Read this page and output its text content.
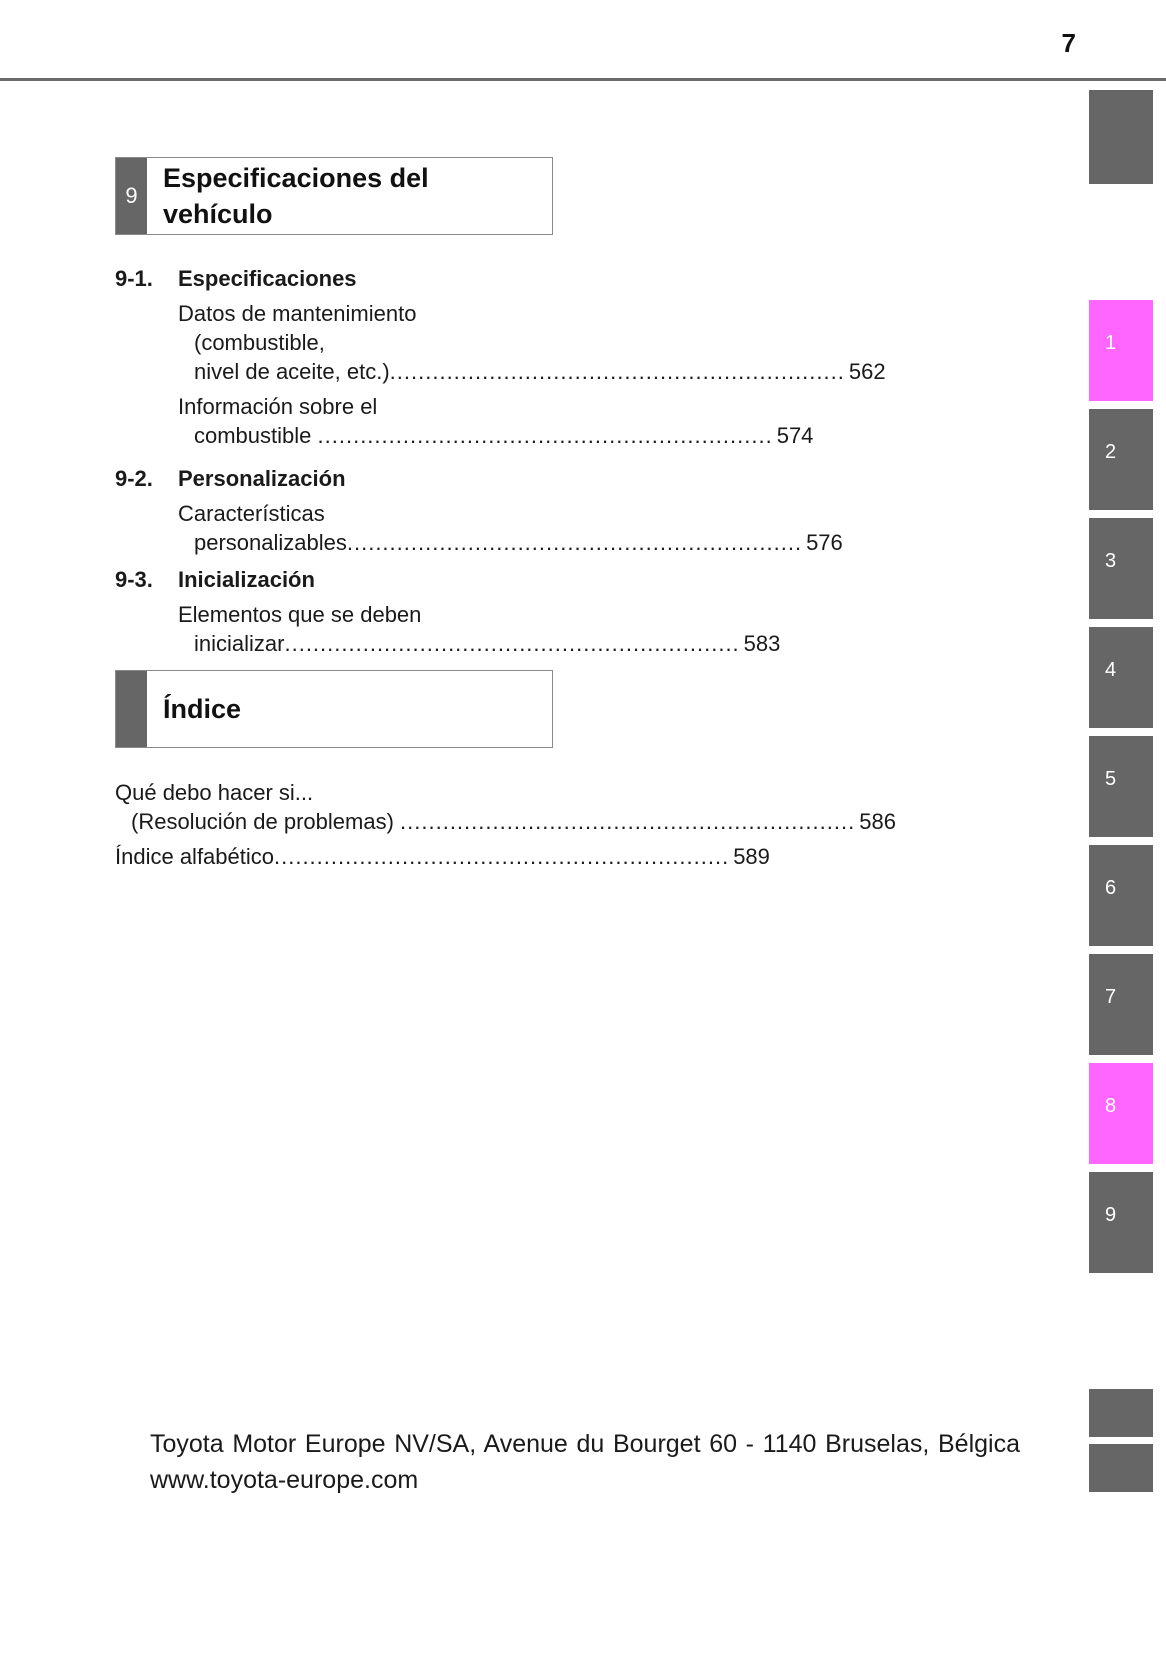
7
9
Especificaciones del
vehículo
9-1.	Especificaciones
Datos de mantenimiento
(combustible,
nivel de aceite, etc.) ................................................................ 562
Información sobre el
combustible ................................................................ 574
9-2.	Personalización
Características
personalizables ................................................................ 576
9-3.	Inicialización
Elementos que se deben
inicializar ................................................................ 583
Índice
Qué debo hacer si...
(Resolución de problemas) ................................................................ 586
Índice alfabético ................................................................ 589
1
2
3
4
5
6
7
8
9
Toyota Motor Europe NV/SA, Avenue du Bourget 60 - 1140 Bruselas, Bélgica www.toyota-europe.com
